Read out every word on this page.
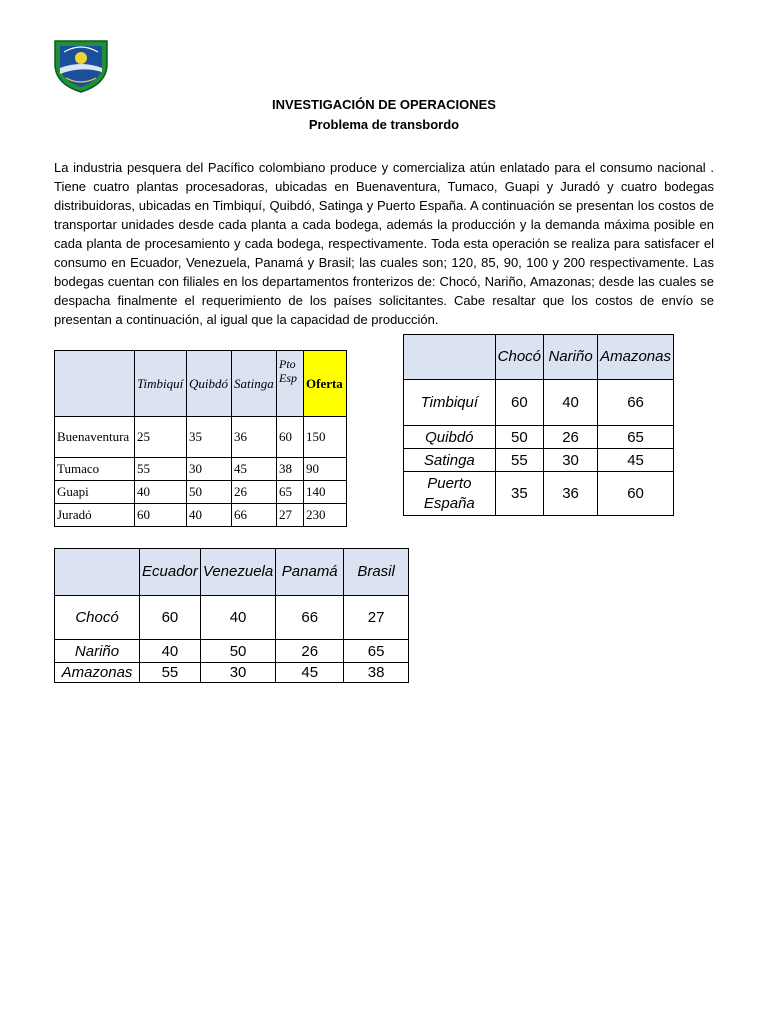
INVESTIGACIÓN DE OPERACIONES
Problema de transbordo

La industria pesquera del Pacífico colombiano produce y comercializa atún enlatado para el consumo nacional . Tiene cuatro plantas procesadoras, ubicadas en Buenaventura, Tumaco, Guapi y Juradó y cuatro bodegas distribuidoras, ubicadas en Timbiquí, Quibdó, Satinga y Puerto España. A continuación se presentan los costos de transportar unidades desde cada planta a cada bodega, además la producción y la demanda máxima posible en cada planta de procesamiento y cada bodega, respectivamente. Toda esta operación se realiza para satisfacer el consumo en Ecuador, Venezuela, Panamá y Brasil; las cuales son; 120, 85, 90, 100 y 200 respectivamente. Las bodegas cuentan con filiales en los departamentos fronterizos de: Chocó, Nariño, Amazonas; desde las cuales se despacha finalmente el requerimiento de los países solicitantes. Cabe resaltar que los costos de envío se presentan a continuación, al igual que la capacidad de producción.

	Timbiquí	Quibdó	Satinga	Pto Esp	Oferta
Buenaventura	25	35	36	60	150
Tumaco	55	30	45	38	90
Guapi	40	50	26	65	140
Juradó	60	40	66	27	230
	Chocó	Nariño	Amazonas
Timbiquí	60	40	66
Quibdó	50	26	65
Satinga	55	30	45
Puerto España	35	36	60
	Ecuador	Venezuela	Panamá	Brasil
Chocó	60	40	66	27
Nariño	40	50	26	65
Amazonas	55	30	45	38
